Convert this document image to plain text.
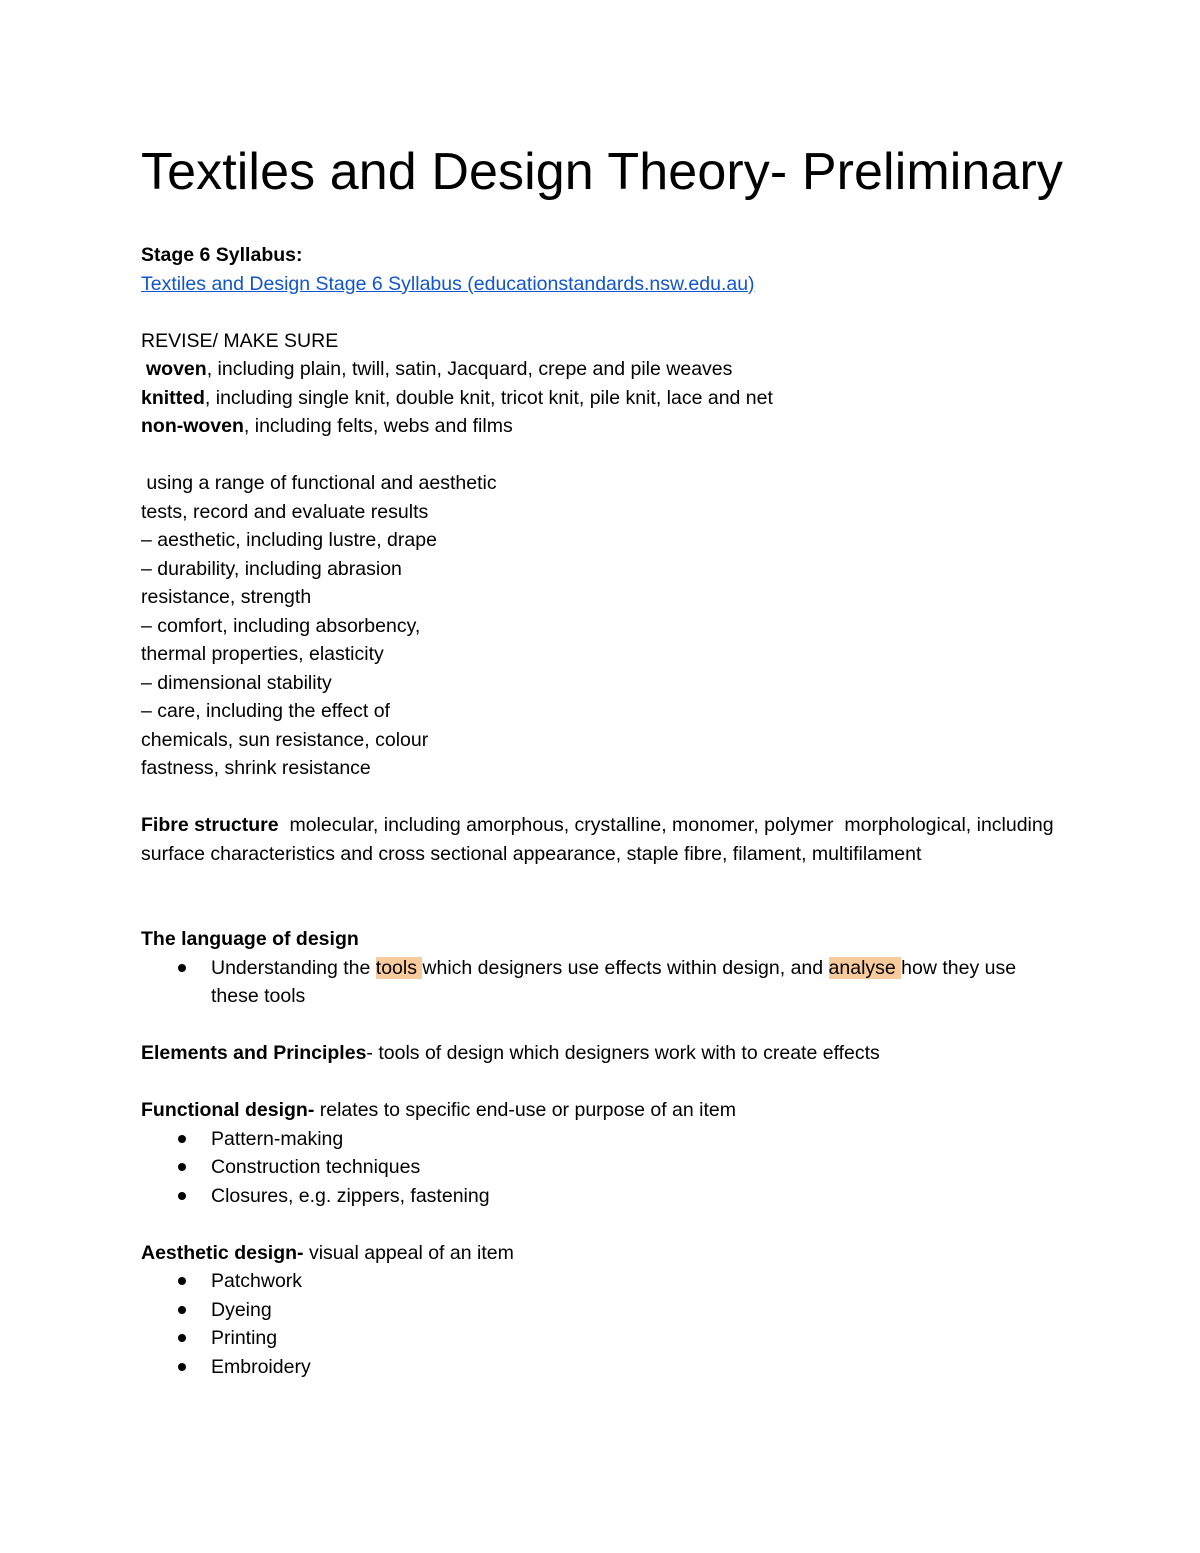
Textiles and Design Theory- Preliminary
Stage 6 Syllabus:
Textiles and Design Stage 6 Syllabus (educationstandards.nsw.edu.au)
REVISE/ MAKE SURE
woven, including plain, twill, satin, Jacquard, crepe and pile weaves
knitted, including single knit, double knit, tricot knit, pile knit, lace and net
non-woven, including felts, webs and films
using a range of functional and aesthetic
tests, record and evaluate results
– aesthetic, including lustre, drape
– durability, including abrasion
resistance, strength
– comfort, including absorbency,
thermal properties, elasticity
– dimensional stability
– care, including the effect of
chemicals, sun resistance, colour
fastness, shrink resistance
Fibre structure  molecular, including amorphous, crystalline, monomer, polymer  morphological, including surface characteristics and cross sectional appearance, staple fibre, filament, multifilament
The language of design
Understanding the tools which designers use effects within design, and analyse how they use these tools
Elements and Principles- tools of design which designers work with to create effects
Functional design- relates to specific end-use or purpose of an item
Pattern-making
Construction techniques
Closures, e.g. zippers, fastening
Aesthetic design- visual appeal of an item
Patchwork
Dyeing
Printing
Embroidery
